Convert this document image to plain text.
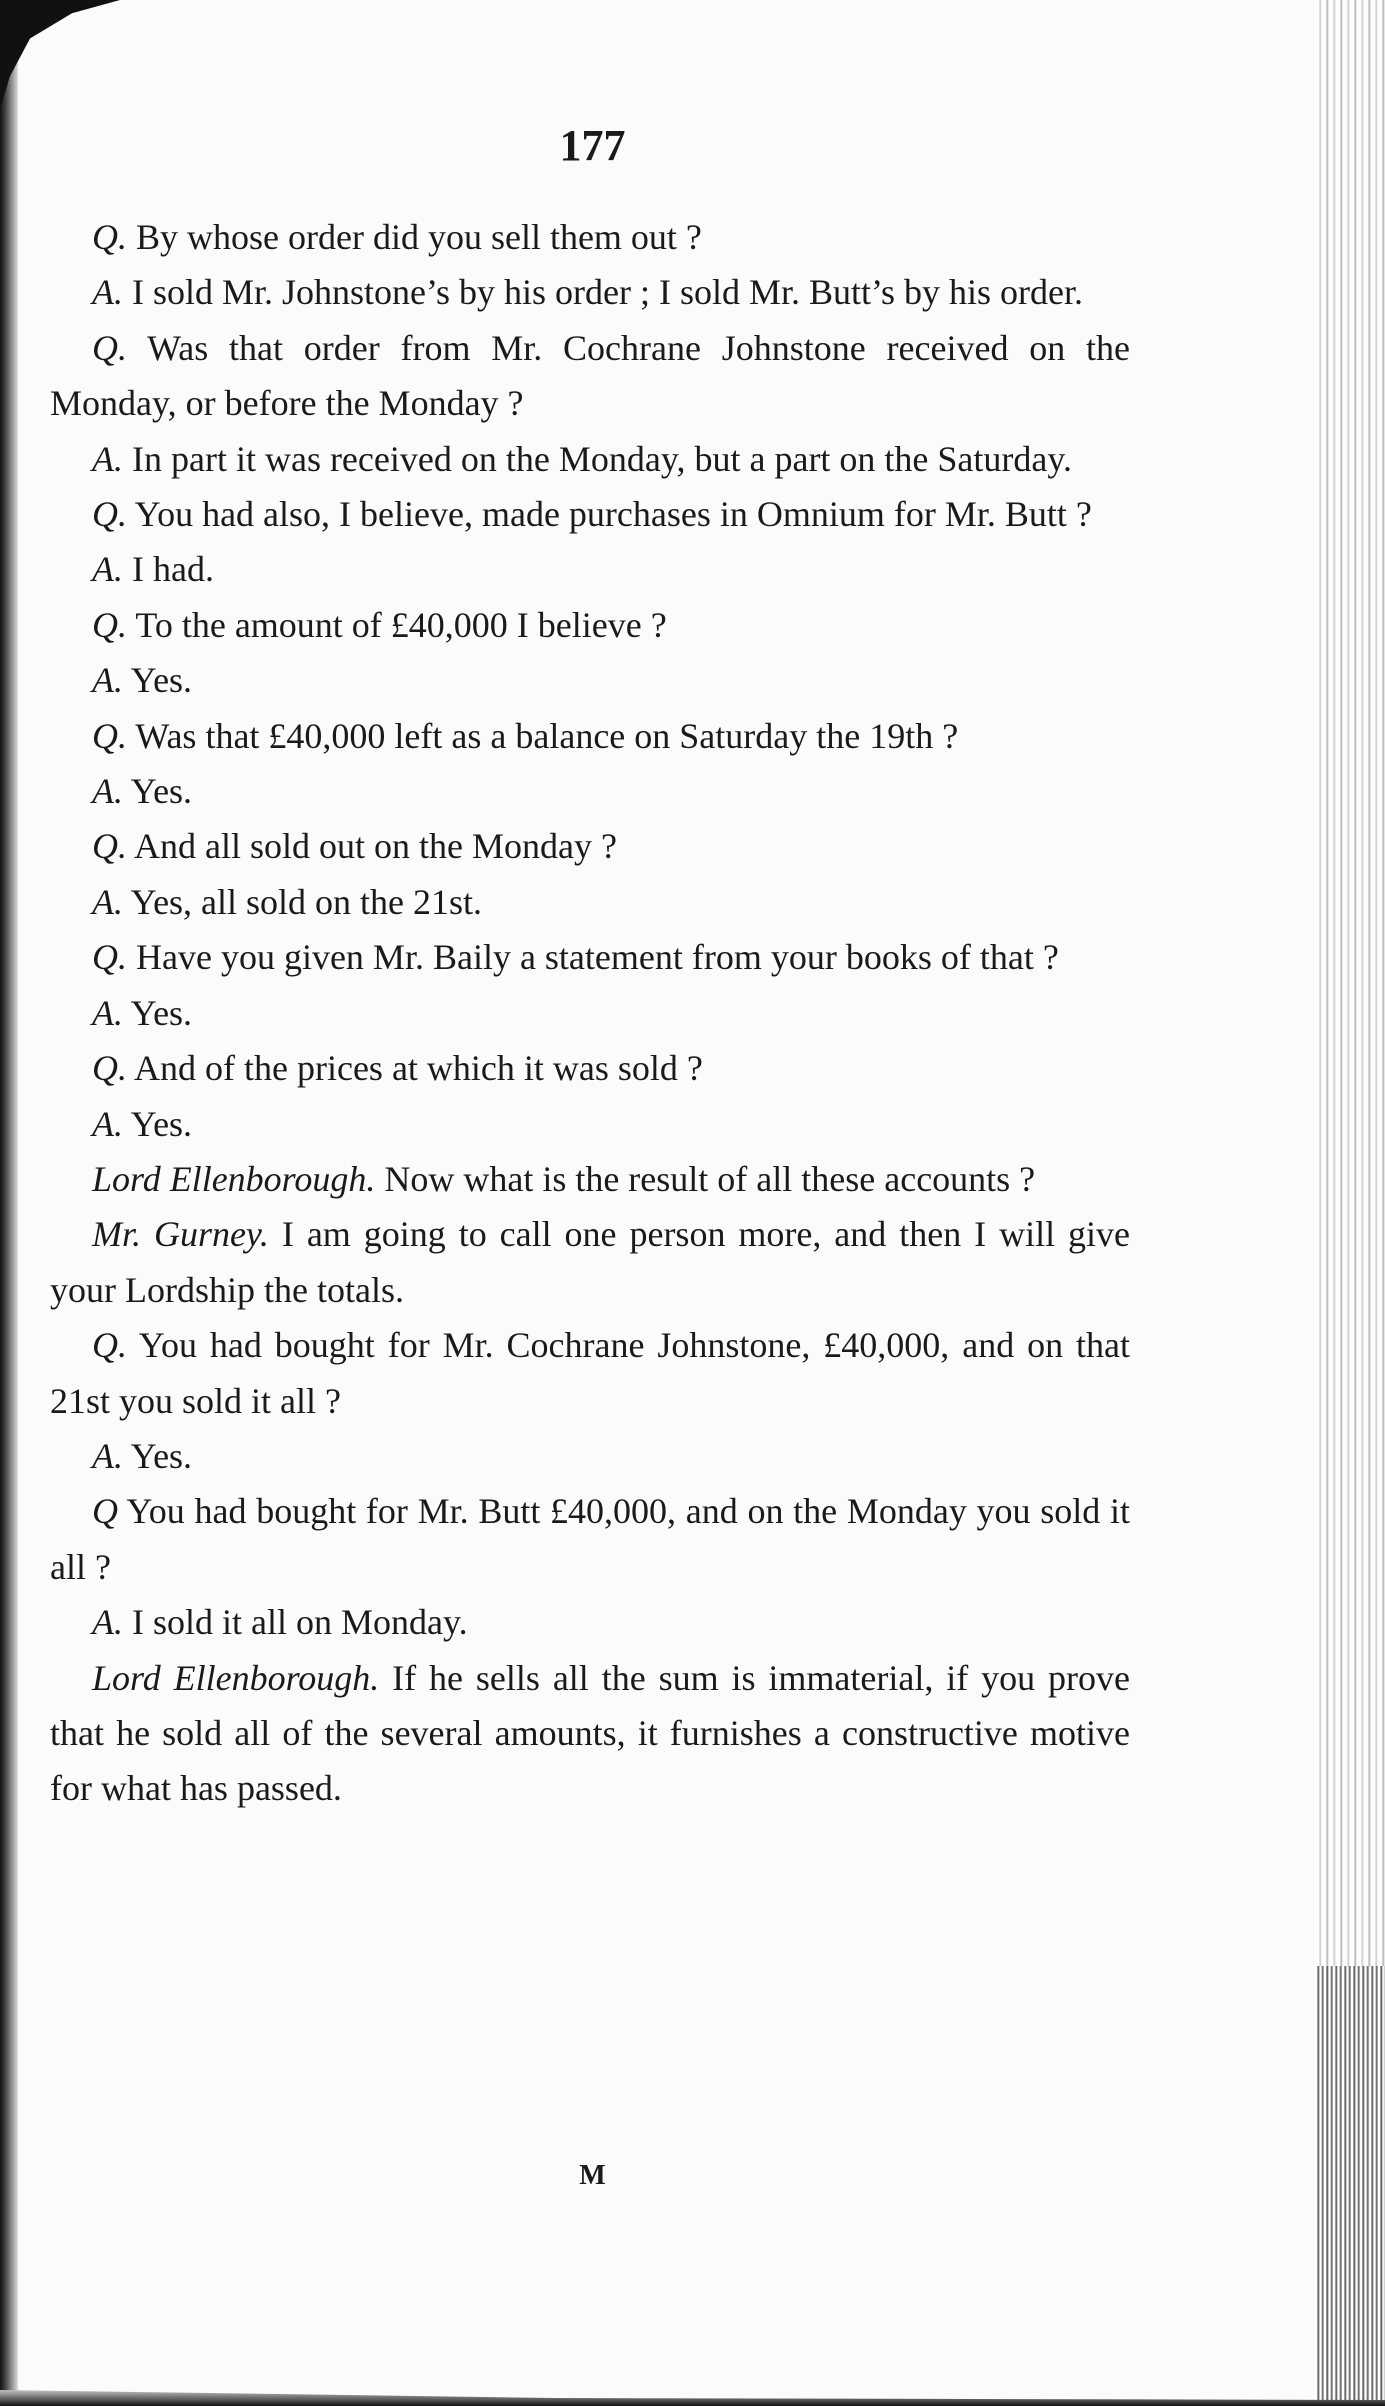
177

Q. By whose order did you sell them out ?

A. I sold Mr. Johnstone’s by his order ; I sold Mr. Butt’s by his order.

Q. Was that order from Mr. Cochrane Johnstone received on the Monday, or before the Monday ?

A. In part it was received on the Monday, but a part on the Saturday.

Q. You had also, I believe, made purchases in Omnium for Mr. Butt ?

A. I had.

Q. To the amount of £40,000 I believe ?

A. Yes.

Q. Was that £40,000 left as a balance on Saturday the 19th ?

A. Yes.

Q. And all sold out on the Monday ?

A. Yes, all sold on the 21st.

Q. Have you given Mr. Baily a statement from your books of that ?

A. Yes.

Q. And of the prices at which it was sold ?

A. Yes.

Lord Ellenborough. Now what is the result of all these accounts ?

Mr. Gurney. I am going to call one person more, and then I will give your Lordship the totals.

Q. You had bought for Mr. Cochrane Johnstone, £40,000, and on that 21st you sold it all ?

A. Yes.

Q You had bought for Mr. Butt £40,000, and on the Monday you sold it all ?

A. I sold it all on Monday.

Lord Ellenborough. If he sells all the sum is immaterial, if you prove that he sold all of the several amounts, it furnishes a constructive motive for what has passed.

M
